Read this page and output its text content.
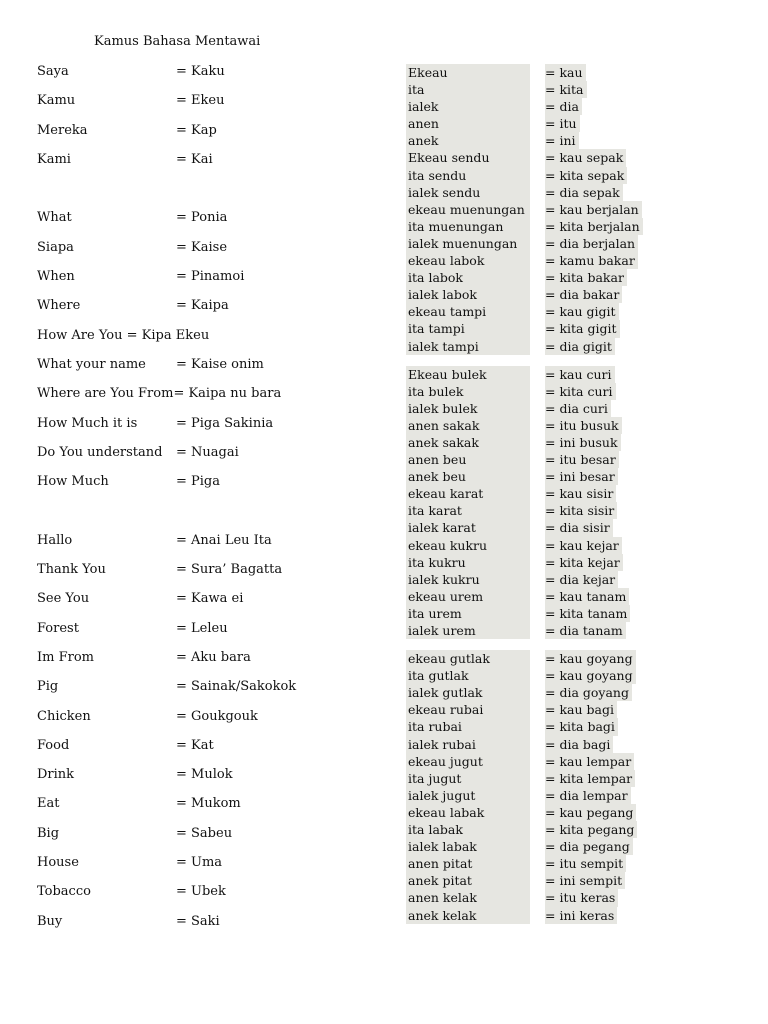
Kamus Bahasa Mentawai
Saya	= Kaku
Kamu	= Ekeu
Mereka	= Kap
Kami	= Kai
What	= Ponia
Siapa	= Kaise
When	= Pinamoi
Where	= Kaipa
How Are You = Kipa Ekeu
What your name = Kaise onim
Where are You From= Kaipa nu bara
How Much it is	= Piga Sakinia
Do You understand = Nuagai
How Much	= Piga
Hallo	= Anai Leu Ita
Thank You	= Sura’ Bagatta
See You	= Kawa ei
Forest	= Leleu
Im From	= Aku bara
Pig	= Sainak/Sakokok
Chicken	= Goukgouk
Food	= Kat
Drink	= Mulok
Eat	= Mukom
Big	= Sabeu
House	= Uma
Tobacco	= Ubek
Buy	= Saki
Ekeau	= kau
ita	= kita
ialek	= dia
anen	= itu
anek	= ini
Ekeau sendu	= kau sepak
ita sendu	= kita sepak
ialek sendu	= dia sepak
ekeau muenungan	= kau berjalan
ita muenungan	= kita berjalan
ialek muenungan	= dia berjalan
ekeau labok	= kamu bakar
ita labok	= kita bakar
ialek labok	= dia bakar
ekeau tampi	= kau gigit
ita tampi	= kita gigit
ialek tampi	= dia gigit
Ekeau bulek	= kau curi
ita bulek	= kita curi
ialek bulek	= dia curi
anen sakak	= itu busuk
anek sakak	= ini busuk
anen beu	= itu besar
anek beu	= ini besar
ekeau karat	= kau sisir
ita karat	= kita sisir
ialek karat	= dia sisir
ekeau kukru	= kau kejar
ita kukru	= kita kejar
ialek kukru	= dia kejar
ekeau urem	= kau tanam
ita urem	= kita tanam
ialek urem	= dia tanam
ekeau gutlak	= kau goyang
ita gutlak	= kau goyang
ialek gutlak	= dia goyang
ekeau rubai	= kau bagi
ita rubai	= kita bagi
ialek rubai	= dia bagi
ekeau jugut	= kau lempar
ita jugut	= kita lempar
ialek jugut	= dia lempar
ekeau labak	= kau pegang
ita labak	= kita pegang
ialek labak	= dia pegang
anen pitat	= itu sempit
anek pitat	= ini sempit
anen kelak	= itu keras
anek kelak	= ini keras
